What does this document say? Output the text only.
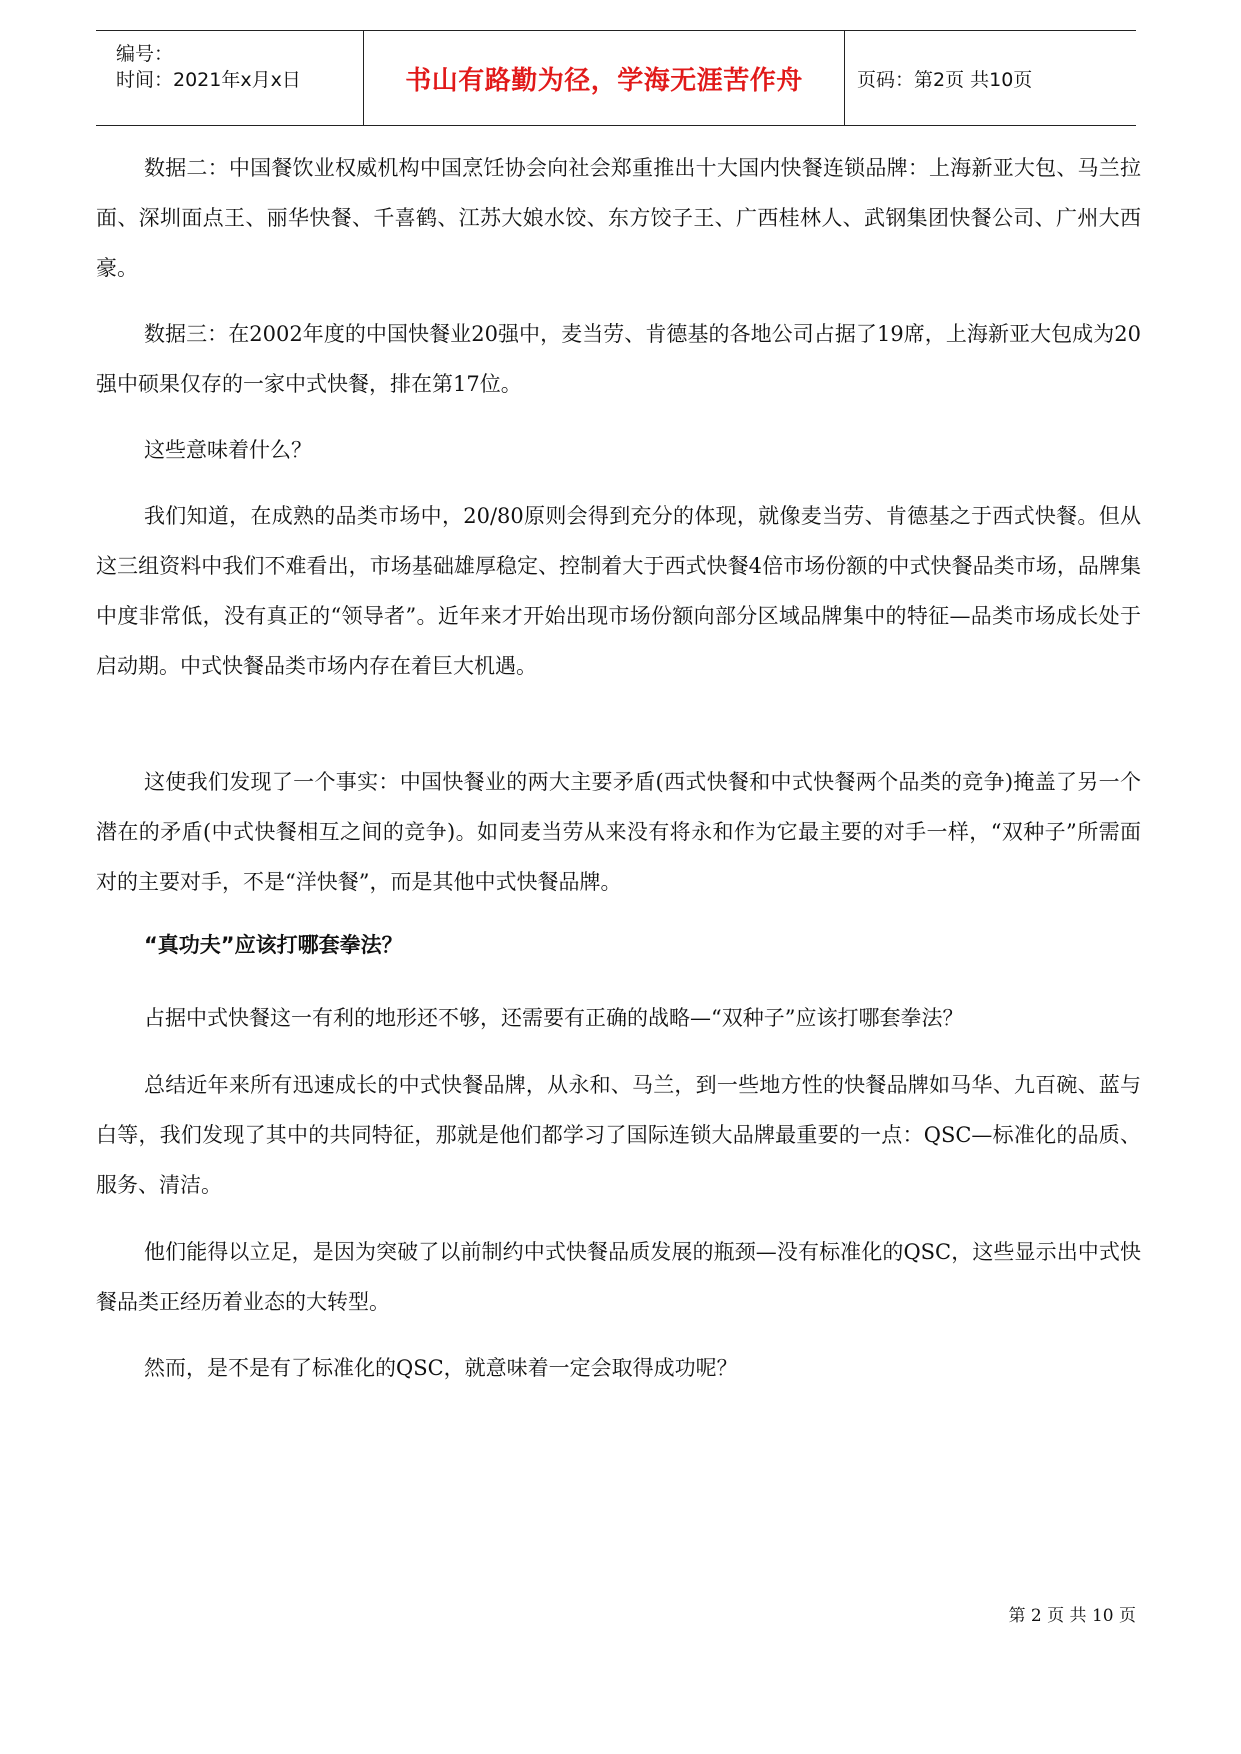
编号：
时间：2021年x月x日	书山有路勤为径，学海无涯苦作舟	页码：第2页 共10页

数据二：中国餐饮业权威机构中国烹饪协会向社会郑重推出十大国内快餐连锁品牌：上海新亚大包、马兰拉面、深圳面点王、丽华快餐、千喜鹤、江苏大娘水饺、东方饺子王、广西桂林人、武钢集团快餐公司、广州大西豪。

数据三：在2002年度的中国快餐业20强中，麦当劳、肯德基的各地公司占据了19席，上海新亚大包成为20强中硕果仅存的一家中式快餐，排在第17位。

这些意味着什么？

我们知道，在成熟的品类市场中，20/80原则会得到充分的体现，就像麦当劳、肯德基之于西式快餐。但从这三组资料中我们不难看出，市场基础雄厚稳定、控制着大于西式快餐4倍市场份额的中式快餐品类市场，品牌集中度非常低，没有真正的“领导者”。近年来才开始出现市场份额向部分区域品牌集中的特征—品类市场成长处于启动期。中式快餐品类市场内存在着巨大机遇。

这使我们发现了一个事实：中国快餐业的两大主要矛盾(西式快餐和中式快餐两个品类的竞争)掩盖了另一个潜在的矛盾(中式快餐相互之间的竞争)。如同麦当劳从来没有将永和作为它最主要的对手一样，“双种子”所需面对的主要对手，不是“洋快餐”，而是其他中式快餐品牌。

“真功夫”应该打哪套拳法？

占据中式快餐这一有利的地形还不够，还需要有正确的战略—“双种子”应该打哪套拳法？

总结近年来所有迅速成长的中式快餐品牌，从永和、马兰，到一些地方性的快餐品牌如马华、九百碗、蓝与白等，我们发现了其中的共同特征，那就是他们都学习了国际连锁大品牌最重要的一点：QSC—标准化的品质、服务、清洁。

他们能得以立足，是因为突破了以前制约中式快餐品质发展的瓶颈—没有标准化的QSC，这些显示出中式快餐品类正经历着业态的大转型。

然而，是不是有了标准化的QSC，就意味着一定会取得成功呢？

第 2 页 共 10 页
